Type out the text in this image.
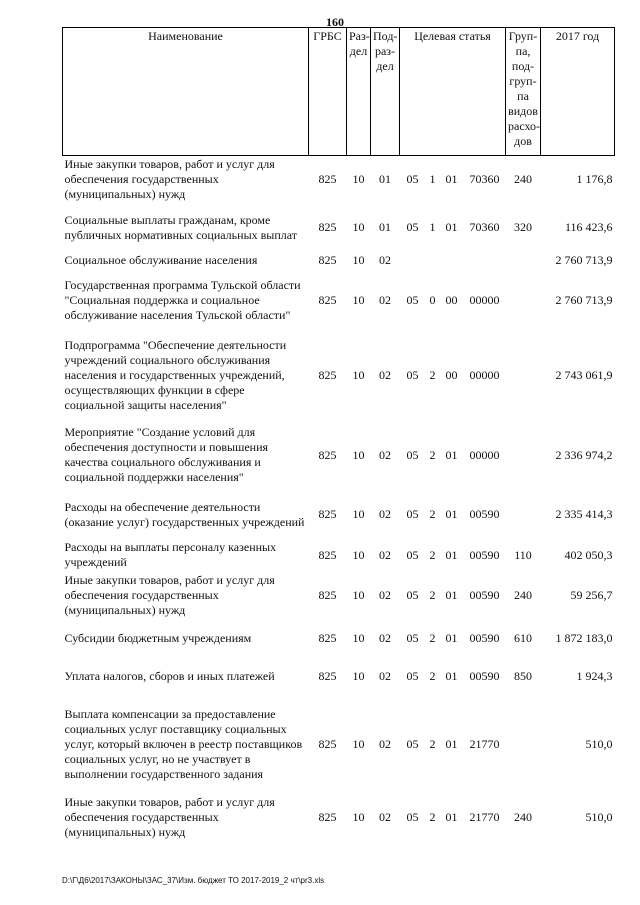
160
Наименование	ГРБС	Раз-дел	Под-раз-дел	Целевая статья				Груп-па, под-груп-па видов расхо-дов	2017 год
Иные закупки товаров, работ и услуг для обеспечения государственных (муниципальных) нужд	825	10	01	05	1	01	70360	240	1 176,8
Социальные выплаты гражданам, кроме публичных нормативных социальных выплат	825	10	01	05	1	01	70360	320	116 423,6
Социальное обслуживание населения	825	10	02						2 760 713,9
Государственная программа Тульской области "Социальная поддержка и социальное обслуживание населения Тульской области"	825	10	02	05	0	00	00000		2 760 713,9
Подпрограмма "Обеспечение деятельности учреждений социального обслуживания населения и государственных учреждений, осуществляющих функции в сфере социальной защиты населения"	825	10	02	05	2	00	00000		2 743 061,9
Мероприятие "Создание условий для обеспечения доступности и повышения качества социального обслуживания и социальной поддержки населения"	825	10	02	05	2	01	00000		2 336 974,2
Расходы на обеспечение деятельности (оказание услуг) государственных учреждений	825	10	02	05	2	01	00590		2 335 414,3
Расходы на выплаты персоналу казенных учреждений	825	10	02	05	2	01	00590	110	402 050,3
Иные закупки товаров, работ и услуг для обеспечения государственных (муниципальных) нужд	825	10	02	05	2	01	00590	240	59 256,7
Субсидии бюджетным учреждениям	825	10	02	05	2	01	00590	610	1 872 183,0
Уплата налогов, сборов и иных платежей	825	10	02	05	2	01	00590	850	1 924,3
Выплата компенсации за предоставление социальных услуг поставщику социальных услуг, который включен в реестр поставщиков социальных услуг, но не участвует в выполнении государственного задания	825	10	02	05	2	01	21770		510,0
Иные закупки товаров, работ и услуг для обеспечения государственных (муниципальных) нужд	825	10	02	05	2	01	21770	240	510,0
D:\Г\Д6\2017\ЗАКОНЫ\ЗАС_37\Изм. бюджет ТО 2017-2019_2 чт\pr3.xls
